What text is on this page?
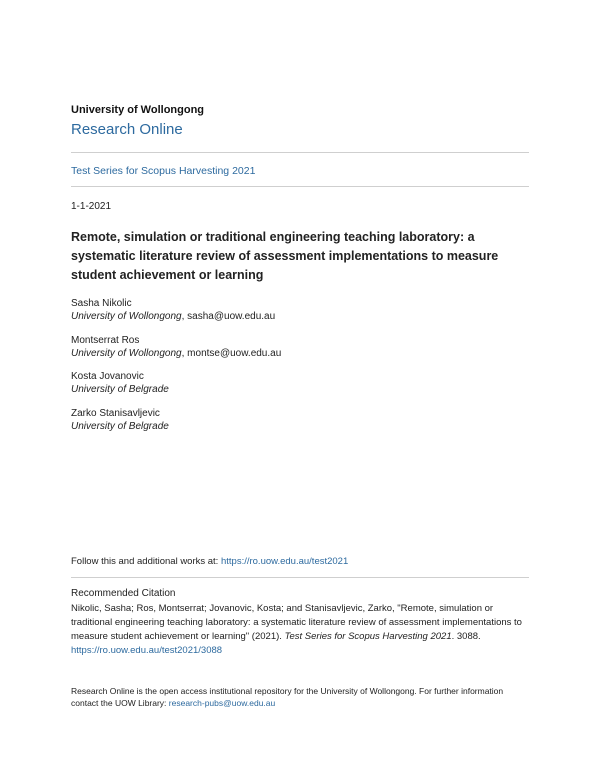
University of Wollongong
Research Online
Test Series for Scopus Harvesting 2021
1-1-2021
Remote, simulation or traditional engineering teaching laboratory: a systematic literature review of assessment implementations to measure student achievement or learning
Sasha Nikolic
University of Wollongong, sasha@uow.edu.au
Montserrat Ros
University of Wollongong, montse@uow.edu.au
Kosta Jovanovic
University of Belgrade
Zarko Stanisavljevic
University of Belgrade
Follow this and additional works at: https://ro.uow.edu.au/test2021
Recommended Citation
Nikolic, Sasha; Ros, Montserrat; Jovanovic, Kosta; and Stanisavljevic, Zarko, "Remote, simulation or traditional engineering teaching laboratory: a systematic literature review of assessment implementations to measure student achievement or learning" (2021). Test Series for Scopus Harvesting 2021. 3088.
https://ro.uow.edu.au/test2021/3088
Research Online is the open access institutional repository for the University of Wollongong. For further information contact the UOW Library: research-pubs@uow.edu.au
